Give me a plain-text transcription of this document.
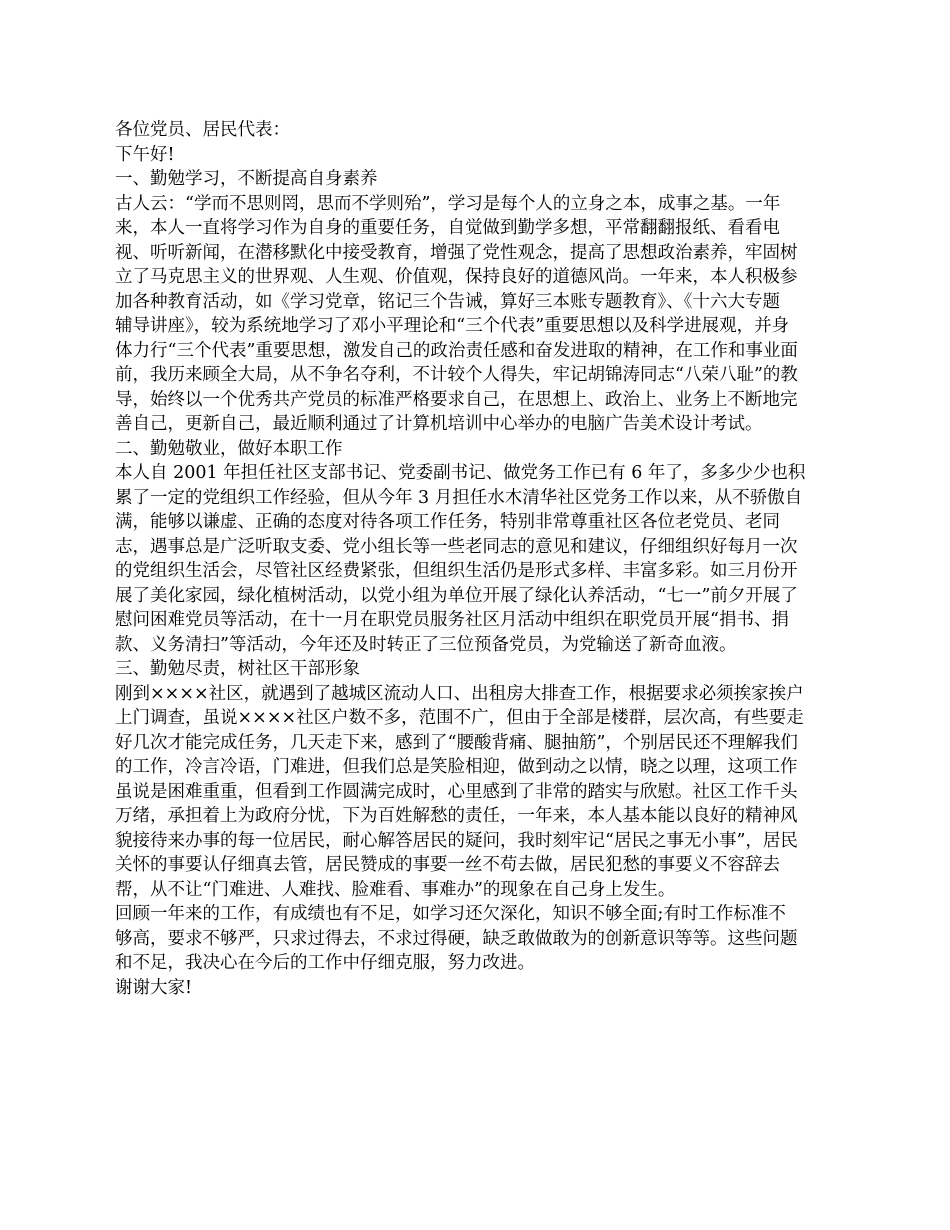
各位党员、居民代表：

下午好!

一、勤勉学习，不断提高自身素养

古人云：“学而不思则罔，思而不学则殆”，学习是每个人的立身之本，成事之基。一年
来，本人一直将学习作为自身的重要任务，自觉做到勤学多想，平常翻翻报纸、看看电
视、听听新闻，在潜移默化中接受教育，增强了党性观念，提高了思想政治素养，牢固树
立了马克思主义的世界观、人生观、价值观，保持良好的道德风尚。一年来，本人积极参
加各种教育活动，如《学习党章，铭记三个告诫，算好三本账专题教育》、《十六大专题
辅导讲座》，较为系统地学习了邓小平理论和“三个代表”重要思想以及科学进展观，并身
体力行“三个代表”重要思想，激发自己的政治责任感和奋发进取的精神，在工作和事业面
前，我历来顾全大局，从不争名夺利，不计较个人得失，牢记胡锦涛同志“八荣八耻”的教
导，始终以一个优秀共产党员的标准严格要求自己，在思想上、政治上、业务上不断地完
善自己，更新自己，最近顺利通过了计算机培训中心举办的电脑广告美术设计考试。

二、勤勉敬业，做好本职工作

本人自 2001 年担任社区支部书记、党委副书记、做党务工作已有 6 年了，多多少少也积
累了一定的党组织工作经验，但从今年 3 月担任水木清华社区党务工作以来，从不骄傲自
满，能够以谦虚、正确的态度对待各项工作任务，特别非常尊重社区各位老党员、老同
志，遇事总是广泛听取支委、党小组长等一些老同志的意见和建议，仔细组织好每月一次
的党组织生活会，尽管社区经费紧张，但组织生活仍是形式多样、丰富多彩。如三月份开
展了美化家园，绿化植树活动，以党小组为单位开展了绿化认养活动，“七一”前夕开展了
慰问困难党员等活动，在十一月在职党员服务社区月活动中组织在职党员开展“捐书、捐
款、义务清扫”等活动，今年还及时转正了三位预备党员，为党输送了新奇血液。

三、勤勉尽责，树社区干部形象

刚到××××社区，就遇到了越城区流动人口、出租房大排查工作，根据要求必须挨家挨户
上门调查，虽说××××社区户数不多，范围不广，但由于全部是楼群，层次高，有些要走
好几次才能完成任务，几天走下来，感到了“腰酸背痛、腿抽筋”，个别居民还不理解我们
的工作，冷言冷语，门难进，但我们总是笑脸相迎，做到动之以情，晓之以理，这项工作
虽说是困难重重，但看到工作圆满完成时，心里感到了非常的踏实与欣慰。社区工作千头
万绪，承担着上为政府分忧，下为百姓解愁的责任，一年来，本人基本能以良好的精神风
貌接待来办事的每一位居民，耐心解答居民的疑问，我时刻牢记“居民之事无小事”，居民
关怀的事要认仔细真去管，居民赞成的事要一丝不苟去做，居民犯愁的事要义不容辞去
帮，从不让“门难进、人难找、脸难看、事难办”的现象在自己身上发生。

回顾一年来的工作，有成绩也有不足，如学习还欠深化，知识不够全面;有时工作标准不
够高，要求不够严，只求过得去，不求过得硬，缺乏敢做敢为的创新意识等等。这些问题
和不足，我决心在今后的工作中仔细克服，努力改进。

谢谢大家!
